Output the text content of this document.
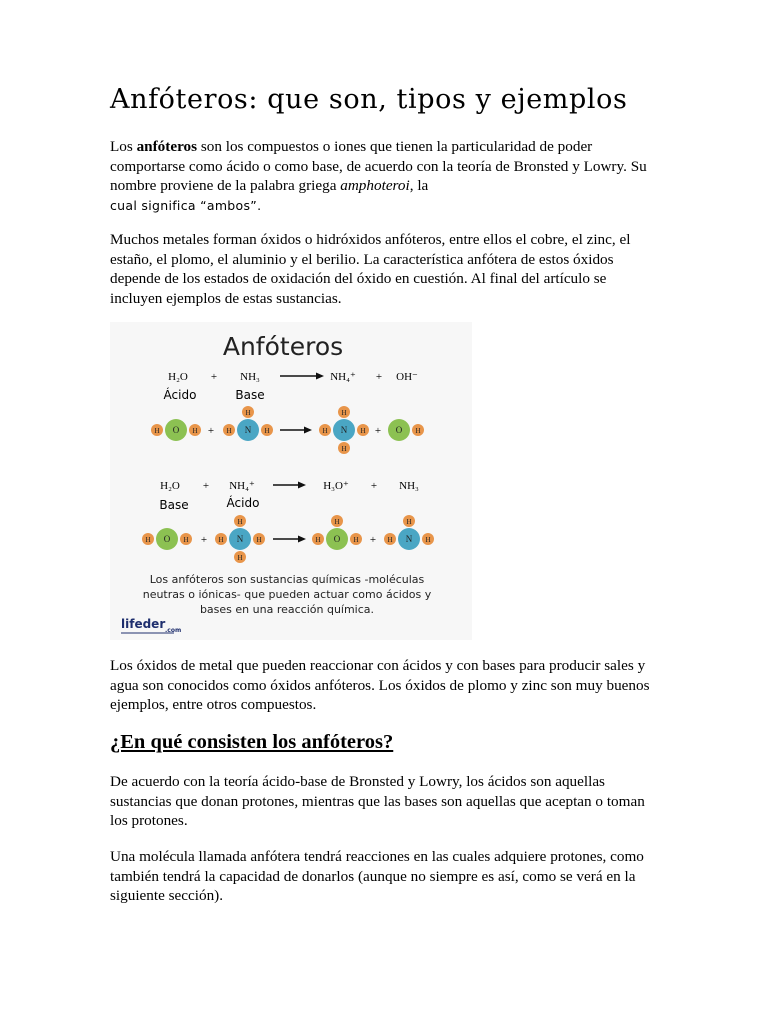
Anfóteros: que son, tipos y ejemplos

Los anfóteros son los compuestos o iones que tienen la particularidad de poder comportarse como ácido o como base, de acuerdo con la teoría de Bronsted y Lowry. Su nombre proviene de la palabra griega amphoteroi, la
cual significa “ambos”.

Muchos metales forman óxidos o hidróxidos anfóteros, entre ellos el cobre, el zinc, el estaño, el plomo, el aluminio y el berilio. La característica anfótera de estos óxidos depende de los estados de oxidación del óxido en cuestión. Al final del artículo se incluyen ejemplos de estas sustancias.

Anfóteros
H₂O + NH₃	NH₄⁺ + OH⁻
Ácido	Base
H O H + H N H
H
H N H
H
H
+ O H
H₂O + NH₄⁺	H₃O⁺ + NH₃
Base	Ácido
H O H + H N H
H
H
H O H
H
+ H N H
H
Los anfóteros son sustancias químicas -moléculas
neutras o iónicas- que pueden actuar como ácidos y
bases en una reacción química.
lifeder .com

Los óxidos de metal que pueden reaccionar con ácidos y con bases para producir sales y agua son conocidos como óxidos anfóteros. Los óxidos de plomo y zinc son muy buenos ejemplos, entre otros compuestos.

¿En qué consisten los anfóteros?

De acuerdo con la teoría ácido-base de Bronsted y Lowry, los ácidos son aquellas sustancias que donan protones, mientras que las bases son aquellas que aceptan o toman los protones.

Una molécula llamada anfótera tendrá reacciones en las cuales adquiere protones, como también tendrá la capacidad de donarlos (aunque no siempre es así, como se verá en la siguiente sección).
